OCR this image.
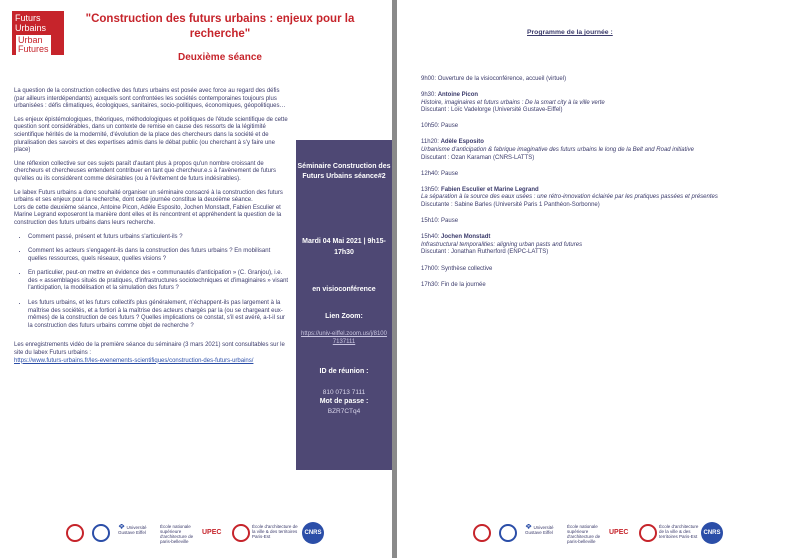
Futurs
Urbains
Urban
Futures
"Construction des futurs urbains : enjeux pour la recherche"
Deuxième séance

La question de la construction collective des futurs urbains est posée avec force au regard des défis (par ailleurs interdépendants) auxquels sont confrontées les sociétés contemporaines toujours plus urbanisées : défis climatiques, écologiques, sanitaires, socio-politiques, économiques, géopolitiques…

Les enjeux épistémologiques, théoriques, méthodologiques et politiques de l'étude scientifique de cette question sont considérables, dans un contexte de remise en cause des ressorts de la légitimité scientifique hérités de la modernité, d'évolution de la place des chercheurs dans la société et de pluralisation des savoirs et des expertises admis dans le débat public (ou cherchant à s'y faire une place)

Une réflexion collective sur ces sujets paraît d'autant plus à propos qu'un nombre croissant de chercheurs et chercheuses entendent contribuer en tant que chercheur.e.s à l'avènement de futurs qu'elles ou ils considèrent comme désirables (ou à l'évitement de futurs indésirables).

Le labex Futurs urbains a donc souhaité organiser un séminaire consacré à la construction des futurs urbains et ses enjeux pour la recherche, dont cette journée constitue la deuxième séance.
Lors de cette deuxième séance, Antoine Picon, Adèle Esposito, Jochen Monstadt, Fabien Esculier et Marine Legrand exposeront la manière dont elles et ils rencontrent et appréhendent la question de la construction des futurs urbains dans leurs recherche.

• Comment passé, présent et futurs urbains s'articulent-ils ?
• Comment les acteurs s'engagent-ils dans la construction des futurs urbains ? En mobilisant quelles ressources, quels réseaux, quelles visions ?
• En particulier, peut-on mettre en évidence des « communautés d'anticipation » (C. Granjou), i.e. des « assemblages situés de pratiques, d'infrastructures sociotechniques et d'imaginaires » visant l'anticipation, la modélisation et la simulation des futurs ?
• Les futurs urbains, et les futurs collectifs plus généralement, n'échappent-ils pas largement à la maîtrise des sociétés, et a fortiori à la maîtrise des acteurs chargés par la (ou se chargeant eux-mêmes) de la construction de ces futurs ? Quelles implications ce constat, s'il est avéré, a-t-il sur la construction des futurs urbains comme objet de recherche ?

Les enregistrements vidéo de la première séance du séminaire (3 mars 2021) sont consultables sur le site du labex Futurs urbains :
https://www.futurs-urbains.fr/les-evenements-scientifiques/construction-des-futurs-urbains/

Séminaire Construction des Futurs Urbains séance#2
Mardi 04 Mai 2021 | 9h15-17h30
en visioconférence
Lien Zoom:
https://univ-eiffel.zoom.us/j/81007137111
ID de réunion :
810 0713 7111
Mot de passe :
BZR7CTq4
❖ Université Gustave Eiffel
École nationale supérieure d'architecture de paris-belleville
UPEC
École d'architecture de la ville & des territoires Paris-Est
CNRS
Programme de la journée :
9h00: Ouverture de la visioconférence, accueil (virtuel)
9h30: Antoine Picon
Histoire, imaginaires et futurs urbains : De la smart city à la ville verte
Discutant : Loïc Vadelorge (Université Gustave-Eiffel)
10h50: Pause
11h20: Adèle Esposito
Urbanisme d'anticipation & fabrique imaginative des futurs urbains le long de la Belt and Road initiative
Discutant : Ozan Karaman (CNRS-LATTS)
12h40: Pause
13h50: Fabien Esculier et Marine Legrand
La séparation à la source des eaux usées : une rétro-innovation éclairée par les pratiques passées et présentes
Discutante : Sabine Barles (Université Paris 1 Panthéon-Sorbonne)
15h10: Pause
15h40: Jochen Monstadt
Infrastructural temporalities: aligning urban pasts and futures
Discutant : Jonathan Rutherford (ENPC-LATTS)
17h00: Synthèse collective
17h30: Fin de la journée
❖ Université Gustave Eiffel
École nationale supérieure d'architecture de paris-belleville
UPEC
École d'architecture de la ville & des territoires Paris-Est
CNRS
